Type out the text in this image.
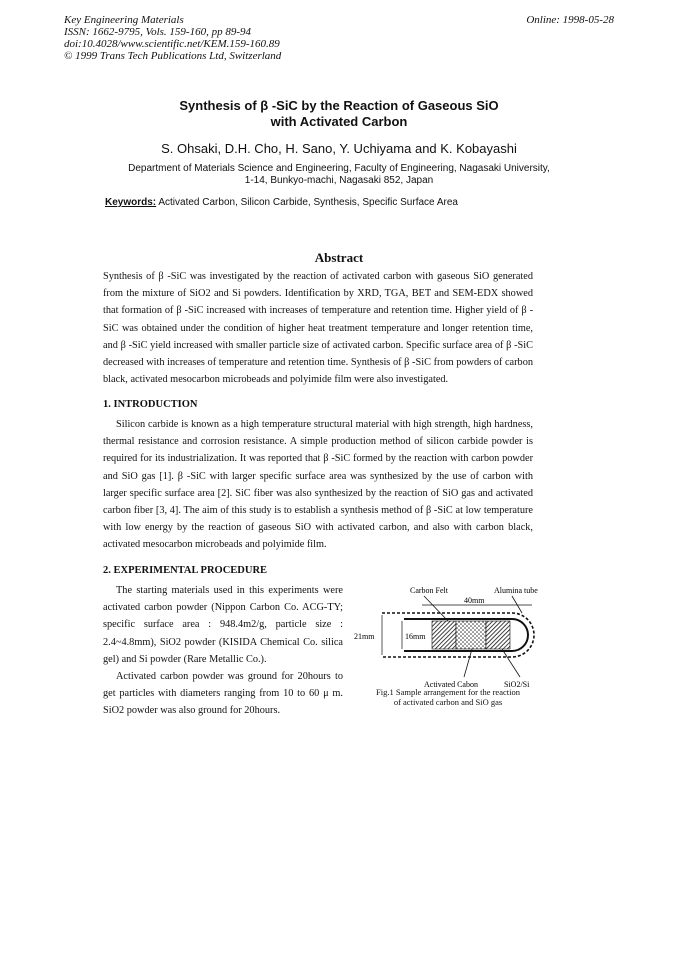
Key Engineering Materials
ISSN: 1662-9795, Vols. 159-160, pp 89-94
doi:10.4028/www.scientific.net/KEM.159-160.89
© 1999 Trans Tech Publications Ltd, Switzerland
Online: 1998-05-28
Synthesis of β -SiC by the Reaction of Gaseous SiO
with Activated Carbon
S. Ohsaki, D.H. Cho, H. Sano, Y. Uchiyama and K. Kobayashi
Department of Materials Science and Engineering, Faculty of Engineering, Nagasaki University,
1-14, Bunkyo-machi, Nagasaki 852, Japan
Keywords: Activated Carbon, Silicon Carbide, Synthesis, Specific Surface Area
Abstract
Synthesis of β -SiC was investigated by the reaction of activated carbon with gaseous SiO generated from the mixture of SiO2 and Si powders. Identification by XRD, TGA, BET and SEM-EDX showed that formation of β -SiC increased with increases of temperature and retention time. Higher yield of β -SiC was obtained under the condition of higher heat treatment temperature and longer retention time, and β -SiC yield increased with smaller particle size of activated carbon. Specific surface area of β -SiC decreased with increases of temperature and retention time. Synthesis of β -SiC from powders of carbon black, activated mesocarbon microbeads and polyimide film were also investigated.
1. INTRODUCTION
Silicon carbide is known as a high temperature structural material with high strength, high hardness, thermal resistance and corrosion resistance. A simple production method of silicon carbide powder is required for its industrialization. It was reported that β -SiC formed by the reaction with carbon powder and SiO gas [1]. β -SiC with larger specific surface area was synthesized by the use of carbon with larger specific surface area [2]. SiC fiber was also synthesized by the reaction of SiO gas and activated carbon fiber [3, 4]. The aim of this study is to establish a synthesis method of β -SiC at low temperature with low energy by the reaction of gaseous SiO with activated carbon, and also with carbon black, activated mesocarbon microbeads and polyimide film.
2. EXPERIMENTAL PROCEDURE

The starting materials used in this experiments were activated carbon powder (Nippon Carbon Co. ACG-TY; specific surface area : 948.4m2/g, particle size : 2.4~4.8mm), SiO2 powder (KISIDA Chemical Co. silica gel) and Si powder (Rare Metallic Co.).

Activated carbon powder was ground for 20hours to get particles with diameters ranging from 10 to 60 μ m. SiO2 powder was also ground for 20hours.

Carbon Felt	Alumina tube
40mm
21mm	16mm
Activated Cabon	SiO2/Si
Fig.1 Sample arrangement for the reaction
of activated carbon and SiO gas
